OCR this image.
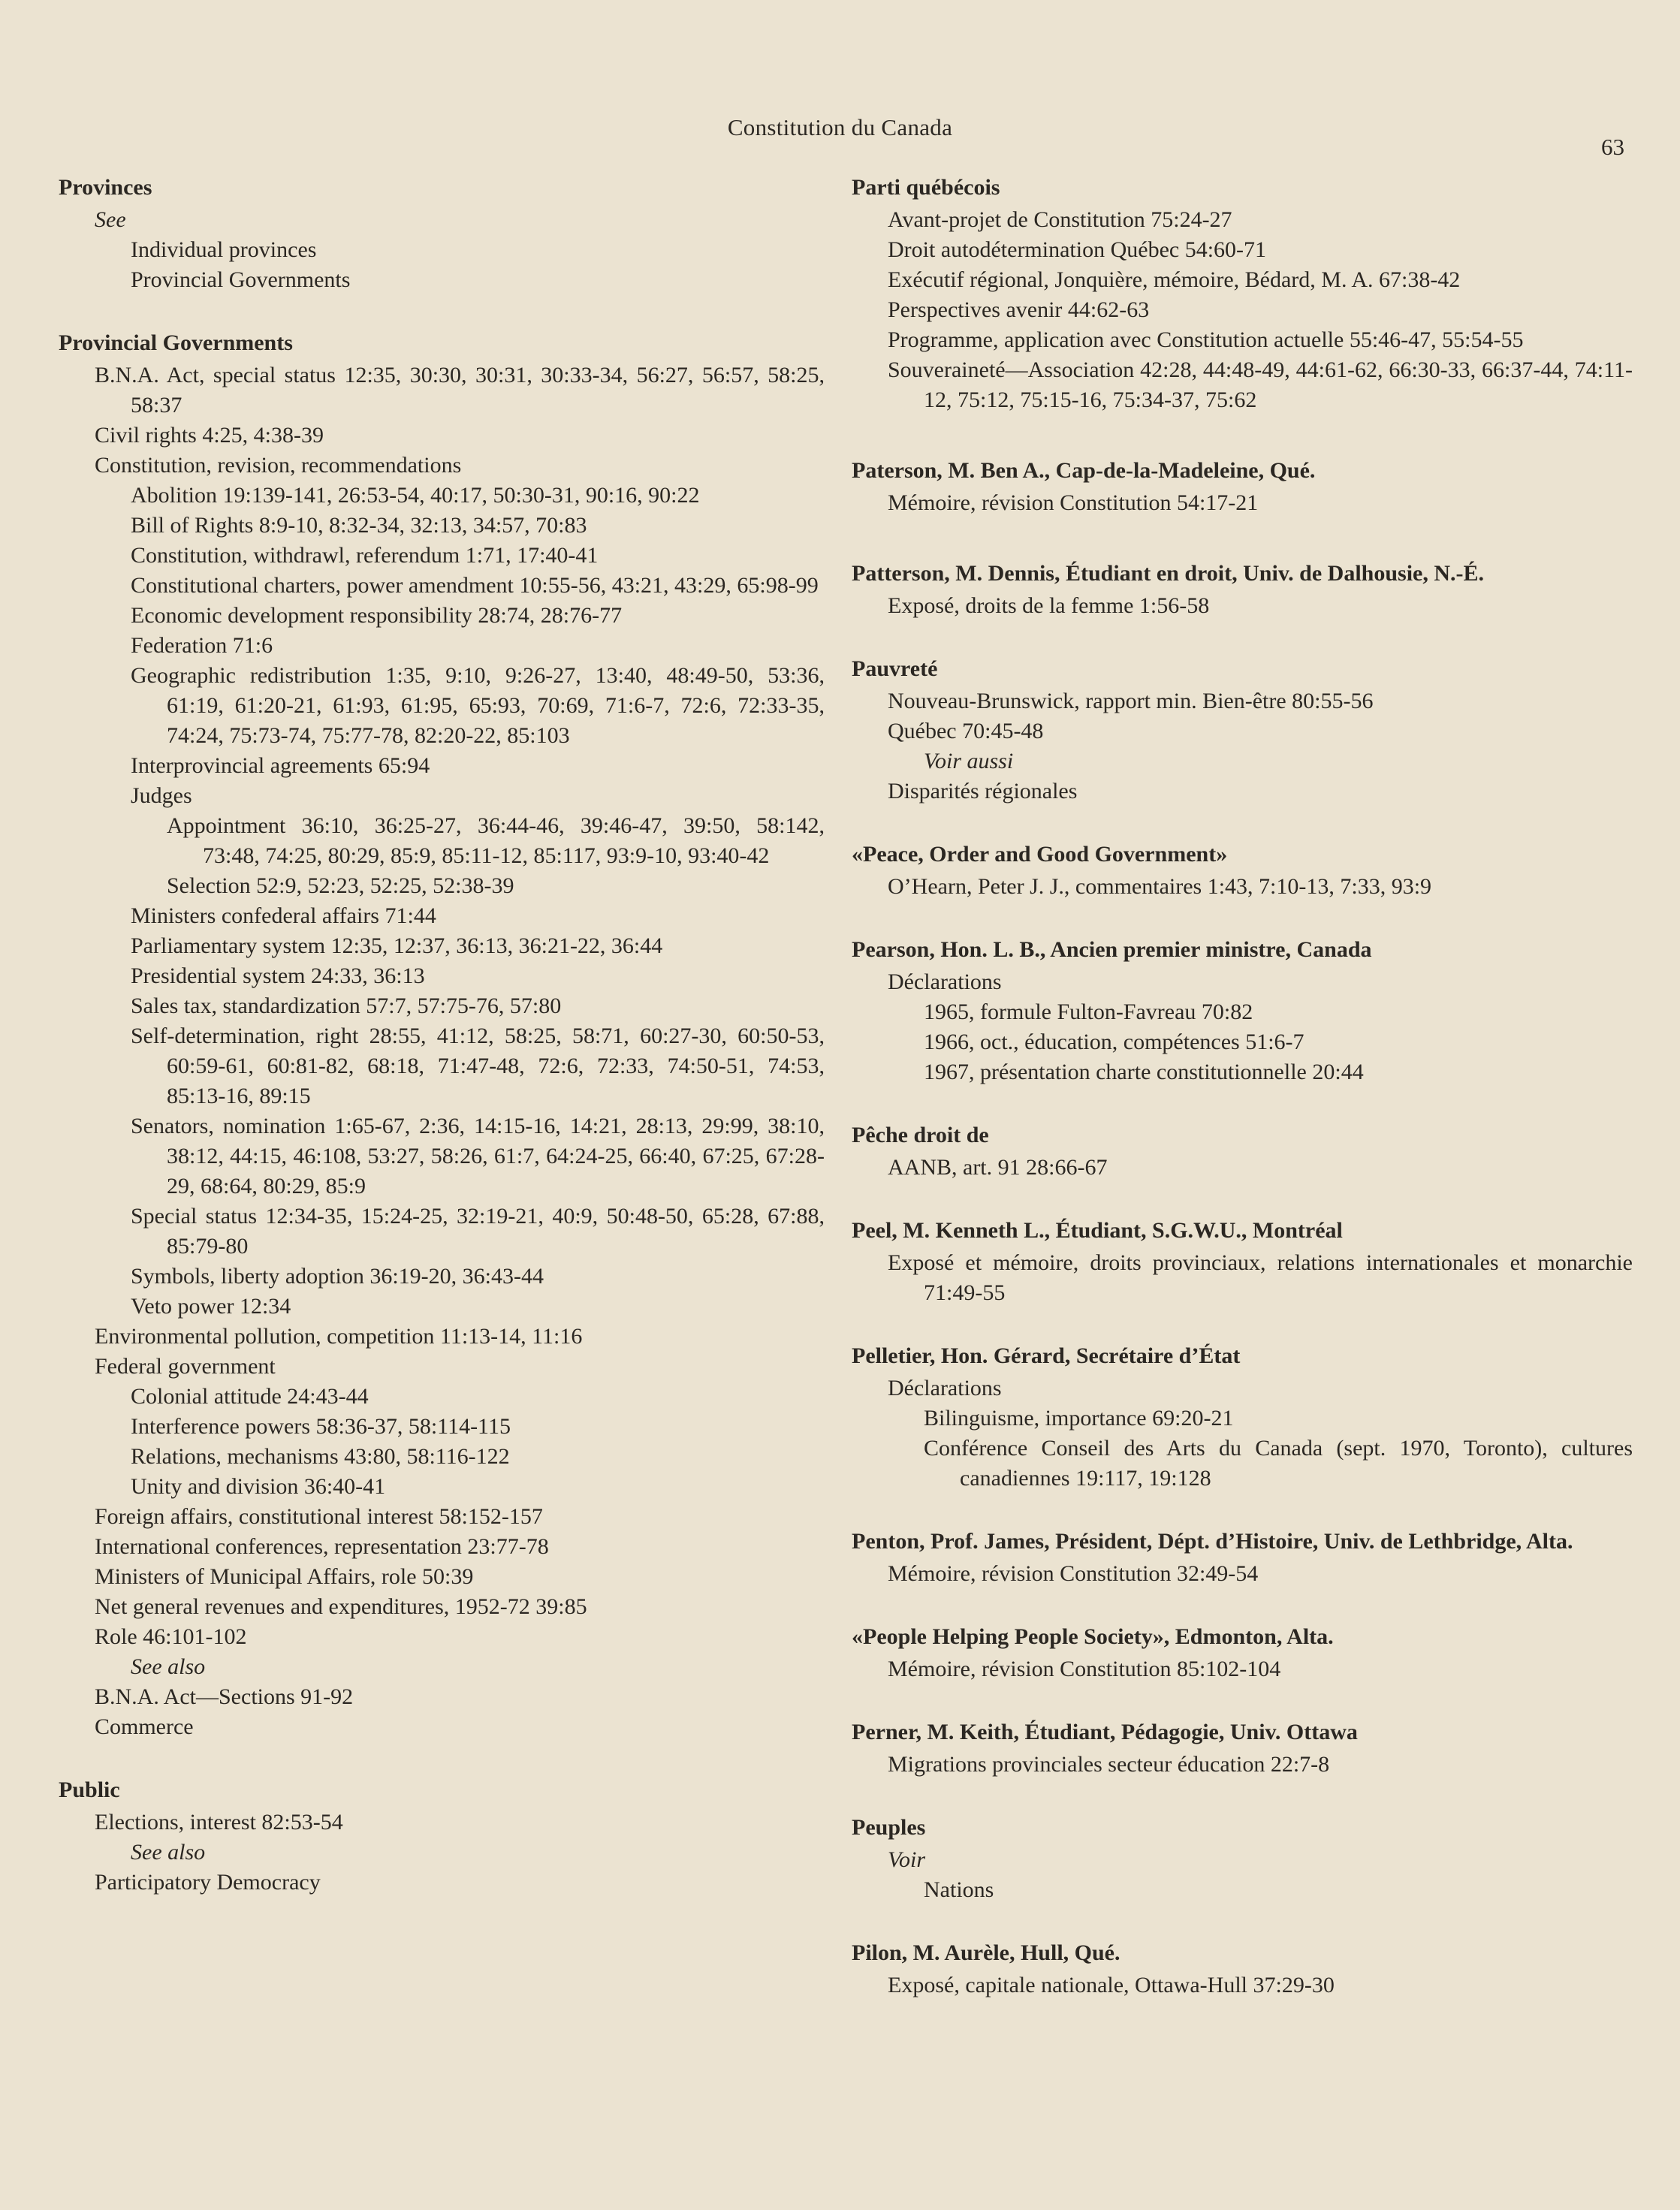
Constitution du Canada
63
Provinces
See
Individual provinces
Provincial Governments
Provincial Governments
B.N.A. Act, special status 12:35, 30:30, 30:31, 30:33-34, 56:27, 56:57, 58:25, 58:37
Civil rights 4:25, 4:38-39
Constitution, revision, recommendations
Abolition 19:139-141, 26:53-54, 40:17, 50:30-31, 90:16, 90:22
Bill of Rights 8:9-10, 8:32-34, 32:13, 34:57, 70:83
Constitution, withdrawl, referendum 1:71, 17:40-41
Constitutional charters, power amendment 10:55-56, 43:21, 43:29, 65:98-99
Economic development responsibility 28:74, 28:76-77
Federation 71:6
Geographic redistribution 1:35, 9:10, 9:26-27, 13:40, 48:49-50, 53:36, 61:19, 61:20-21, 61:93, 61:95, 65:93, 70:69, 71:6-7, 72:6, 72:33-35, 74:24, 75:73-74, 75:77-78, 82:20-22, 85:103
Interprovincial agreements 65:94
Judges
Appointment 36:10, 36:25-27, 36:44-46, 39:46-47, 39:50, 58:142, 73:48, 74:25, 80:29, 85:9, 85:11-12, 85:117, 93:9-10, 93:40-42
Selection 52:9, 52:23, 52:25, 52:38-39
Ministers confederal affairs 71:44
Parliamentary system 12:35, 12:37, 36:13, 36:21-22, 36:44
Presidential system 24:33, 36:13
Sales tax, standardization 57:7, 57:75-76, 57:80
Self-determination, right 28:55, 41:12, 58:25, 58:71, 60:27-30, 60:50-53, 60:59-61, 60:81-82, 68:18, 71:47-48, 72:6, 72:33, 74:50-51, 74:53, 85:13-16, 89:15
Senators, nomination 1:65-67, 2:36, 14:15-16, 14:21, 28:13, 29:99, 38:10, 38:12, 44:15, 46:108, 53:27, 58:26, 61:7, 64:24-25, 66:40, 67:25, 67:28-29, 68:64, 80:29, 85:9
Special status 12:34-35, 15:24-25, 32:19-21, 40:9, 50:48-50, 65:28, 67:88, 85:79-80
Symbols, liberty adoption 36:19-20, 36:43-44
Veto power 12:34
Environmental pollution, competition 11:13-14, 11:16
Federal government
Colonial attitude 24:43-44
Interference powers 58:36-37, 58:114-115
Relations, mechanisms 43:80, 58:116-122
Unity and division 36:40-41
Foreign affairs, constitutional interest 58:152-157
International conferences, representation 23:77-78
Ministers of Municipal Affairs, role 50:39
Net general revenues and expenditures, 1952-72 39:85
Role 46:101-102
See also
B.N.A. Act—Sections 91-92
Commerce
Public
Elections, interest 82:53-54
See also
Participatory Democracy
Parti québécois
Avant-projet de Constitution 75:24-27
Droit autodétermination Québec 54:60-71
Exécutif régional, Jonquière, mémoire, Bédard, M. A. 67:38-42
Perspectives avenir 44:62-63
Programme, application avec Constitution actuelle 55:46-47, 55:54-55
Souveraineté—Association 42:28, 44:48-49, 44:61-62, 66:30-33, 66:37-44, 74:11-12, 75:12, 75:15-16, 75:34-37, 75:62
Paterson, M. Ben A., Cap-de-la-Madeleine, Qué.
Mémoire, révision Constitution 54:17-21
Patterson, M. Dennis, Étudiant en droit, Univ. de Dalhousie, N.-É.
Exposé, droits de la femme 1:56-58
Pauvreté
Nouveau-Brunswick, rapport min. Bien-être 80:55-56
Québec 70:45-48
Voir aussi
Disparités régionales
«Peace, Order and Good Government»
O’Hearn, Peter J. J., commentaires 1:43, 7:10-13, 7:33, 93:9
Pearson, Hon. L. B., Ancien premier ministre, Canada
Déclarations
1965, formule Fulton-Favreau 70:82
1966, oct., éducation, compétences 51:6-7
1967, présentation charte constitutionnelle 20:44
Pêche droit de
AANB, art. 91 28:66-67
Peel, M. Kenneth L., Étudiant, S.G.W.U., Montréal
Exposé et mémoire, droits provinciaux, relations internationales et monarchie 71:49-55
Pelletier, Hon. Gérard, Secrétaire d’État
Déclarations
Bilinguisme, importance 69:20-21
Conférence Conseil des Arts du Canada (sept. 1970, Toronto), cultures canadiennes 19:117, 19:128
Penton, Prof. James, Président, Dépt. d’Histoire, Univ. de Lethbridge, Alta.
Mémoire, révision Constitution 32:49-54
«People Helping People Society», Edmonton, Alta.
Mémoire, révision Constitution 85:102-104
Perner, M. Keith, Étudiant, Pédagogie, Univ. Ottawa
Migrations provinciales secteur éducation 22:7-8
Peuples
Voir
Nations
Pilon, M. Aurèle, Hull, Qué.
Exposé, capitale nationale, Ottawa-Hull 37:29-30
